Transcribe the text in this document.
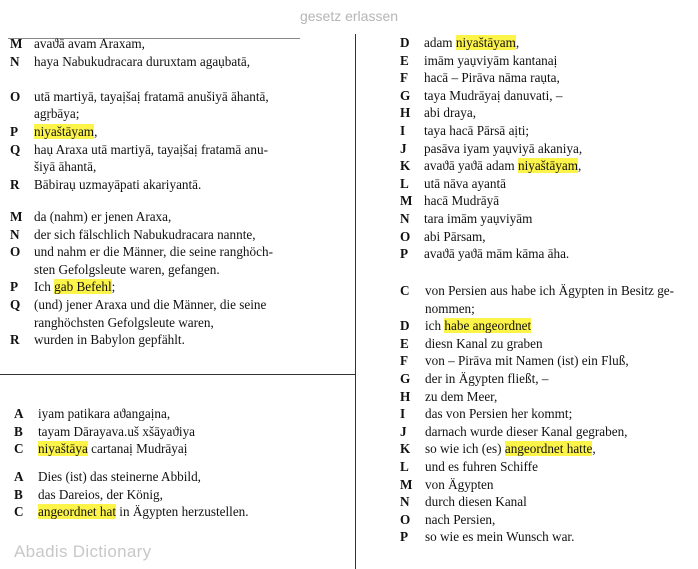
gesetz erlassen
M avaϑā avam Araxam,
N haya Nabukudracara duruxtam agaụbatā,
O utā martiyā, tayaịšaị fratamā anušiyā āhantā,
agṛbāya;
P niyaštāyam,
Q haụ Araxa utā martiyā, tayaịšaị fratamā anu-
šiyā āhantā,
R Bābiraụ uzmayāpati akariyantā.
M da (nahm) er jenen Araxa,
N der sich fälschlich Nabukudracara nannte,
O und nahm er die Männer, die seine ranghöch-
sten Gefolgsleute waren, gefangen.
P Ich gab Befehl;
Q (und) jener Araxa und die Männer, die seine
ranghöchsten Gefolgsleute waren,
R wurden in Babylon gepfählt.
A iyam patikara aϑangaịna,
B tayam Dārayava.uš xšāyaϑiya
C niyaštāya cartanaị Mudrāyaị
A Dies (ist) das steinerne Abbild,
B das Dareios, der König,
C angeordnet hat in Ägypten herzustellen.
D adam niyaštāyam,
E imām yaụviyām kantanaị
F hacā – Pirāva nāma raụta,
G taya Mudrāyaị danuvati, –
H abi draya,
I taya hacā Pārsā aịti;
J pasāva iyam yaụviyā akaniya,
K avaϑā yaϑā adam niyaštāyam,
L utā nāva ayantā
M hacā Mudrāyā
N tara imām yaụviyām
O abi Pārsam,
P avaϑā yaϑā mām kāma āha.
C von Persien aus habe ich Ägypten in Besitz ge-
nommen;
D ich habe angeordnet
E diesn Kanal zu graben
F von – Pirāva mit Namen (ist) ein Fluß,
G der in Ägypten fließt, –
H zu dem Meer,
I das von Persien her kommt;
J darnach wurde dieser Kanal gegraben,
K so wie ich (es) angeordnet hatte,
L und es fuhren Schiffe
M von Ägypten
N durch diesen Kanal
O nach Persien,
P so wie es mein Wunsch war.
Abadis Dictionary
